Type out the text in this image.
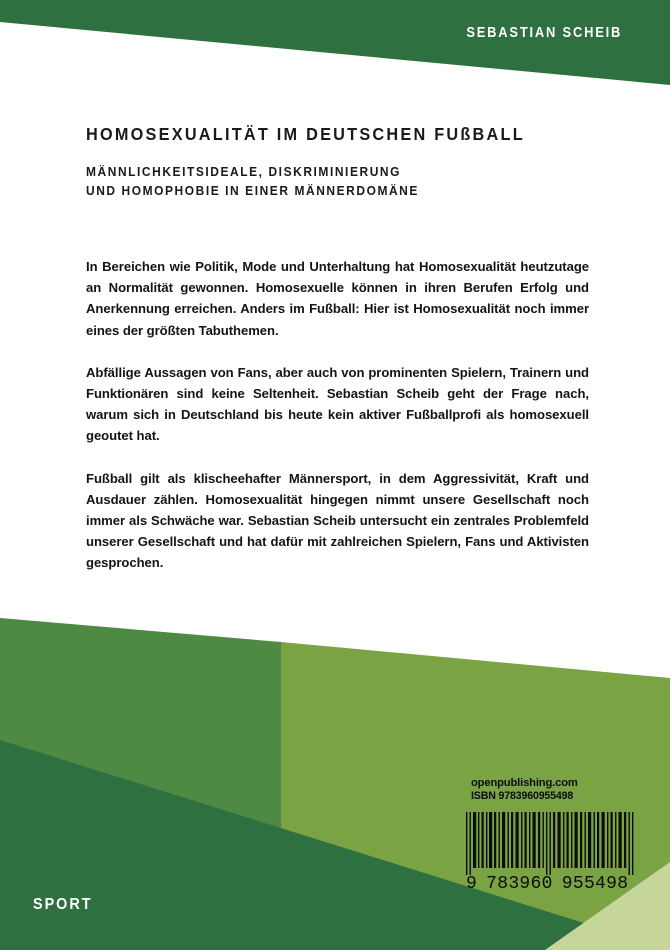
SEBASTIAN SCHEIB
HOMOSEXUALITÄT IM DEUTSCHEN FUßBALL
MÄNNLICHKEITSIDEALE, DISKRIMINIERUNG
UND HOMOPHOBIE IN EINER MÄNNERDOMÄNE

In Bereichen wie Politik, Mode und Unterhaltung hat Homosexualität heutzutage an Normalität gewonnen. Homosexuelle können in ihren Berufen Erfolg und Anerkennung erreichen. Anders im Fußball: Hier ist Homosexualität noch immer eines der größten Tabuthemen.

Abfällige Aussagen von Fans, aber auch von prominenten Spielern, Trainern und Funktionären sind keine Seltenheit. Sebastian Scheib geht der Frage nach, warum sich in Deutschland bis heute kein aktiver Fußballprofi als homosexuell geoutet hat.

Fußball gilt als klischeehafter Männersport, in dem Aggressivität, Kraft und Ausdauer zählen. Homosexualität hingegen nimmt unsere Gesellschaft noch immer als Schwäche war. Sebastian Scheib untersucht ein zentrales Problemfeld unserer Gesellschaft und hat dafür mit zahlreichen Spielern, Fans und Aktivisten gesprochen.

SPORT
openpublishing.com
ISBN 9783960955498
9 783960 955498
